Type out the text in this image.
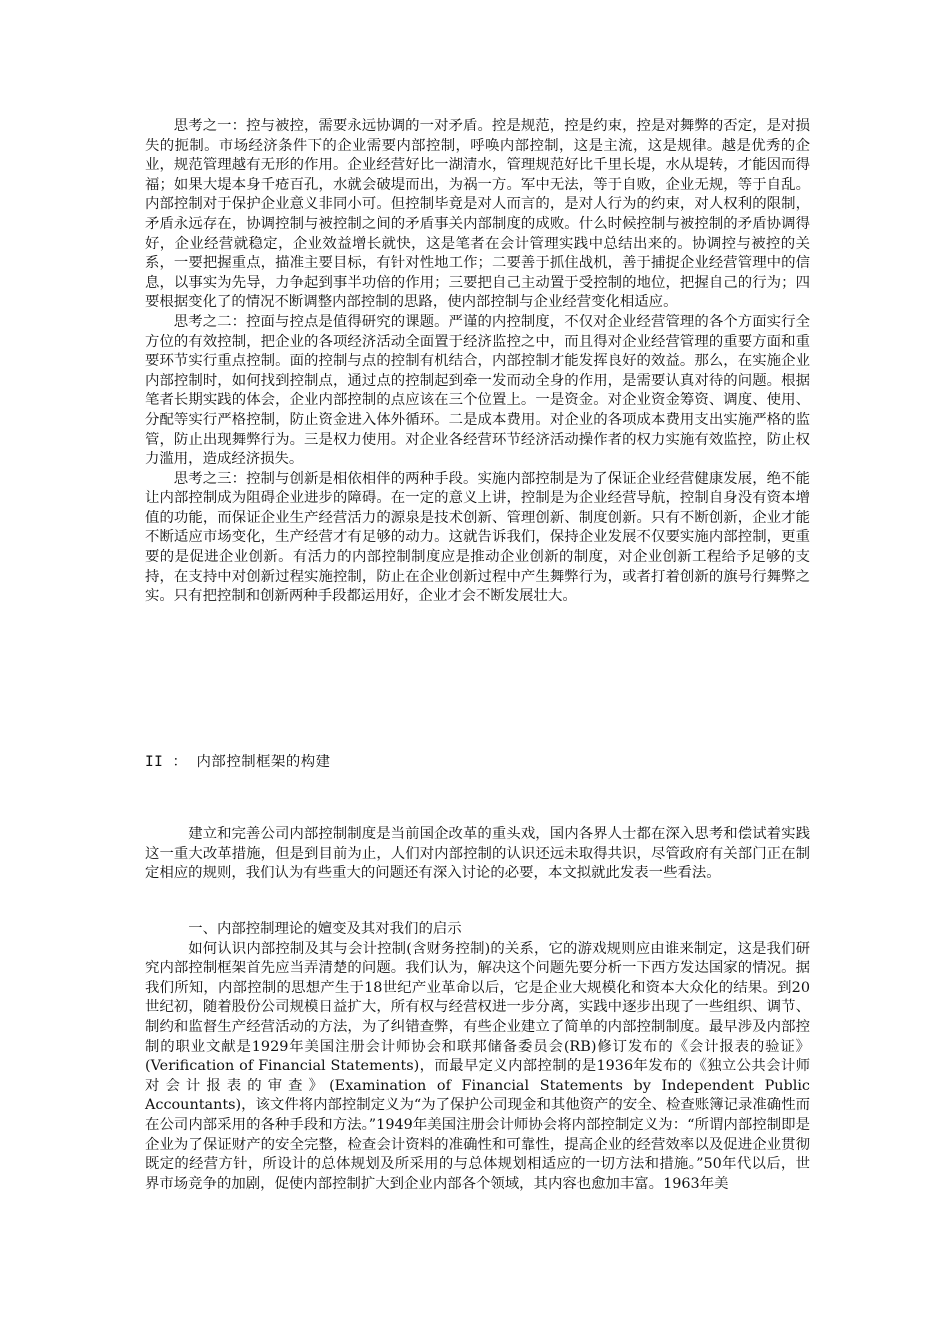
思考之一：控与被控，需要永远协调的一对矛盾。控是规范，控是约束，控是对舞弊的否定，是对损失的扼制。市场经济条件下的企业需要内部控制，呼唤内部控制，这是主流，这是规律。越是优秀的企业，规范管理越有无形的作用。企业经营好比一湖清水，管理规范好比千里长堤，水从堤转，才能因而得福；如果大堤本身千疮百孔，水就会破堤而出，为祸一方。军中无法，等于自败，企业无规，等于自乱。内部控制对于保护企业意义非同小可。但控制毕竟是对人而言的，是对人行为的约束，对人权利的限制，矛盾永远存在，协调控制与被控制之间的矛盾事关内部制度的成败。什么时候控制与被控制的矛盾协调得好，企业经营就稳定，企业效益增长就快，这是笔者在会计管理实践中总结出来的。协调控与被控的关系，一要把握重点，描准主要目标，有针对性地工作；二要善于抓住战机，善于捕捉企业经营管理中的信息，以事实为先导，力争起到事半功倍的作用；三要把自己主动置于受控制的地位，把握自己的行为；四要根据变化了的情况不断调整内部控制的思路，使内部控制与企业经营变化相适应。

思考之二：控面与控点是值得研究的课题。严谨的内控制度，不仅对企业经营管理的各个方面实行全方位的有效控制，把企业的各项经济活动全面置于经济监控之中，而且得对企业经营管理的重要方面和重要环节实行重点控制。面的控制与点的控制有机结合，内部控制才能发挥良好的效益。那么，在实施企业内部控制时，如何找到控制点，通过点的控制起到牵一发而动全身的作用，是需要认真对待的问题。根据笔者长期实践的体会，企业内部控制的点应该在三个位置上。一是资金。对企业资金筹资、调度、使用、分配等实行严格控制，防止资金进入体外循环。二是成本费用。对企业的各项成本费用支出实施严格的监管，防止出现舞弊行为。三是权力使用。对企业各经营环节经济活动操作者的权力实施有效监控，防止权力滥用，造成经济损失。

思考之三：控制与创新是相依相伴的两种手段。实施内部控制是为了保证企业经营健康发展，绝不能让内部控制成为阻碍企业进步的障碍。在一定的意义上讲，控制是为企业经营导航，控制自身没有资本增值的功能，而保证企业生产经营活力的源泉是技术创新、管理创新、制度创新。只有不断创新，企业才能不断适应市场变化，生产经营才有足够的动力。这就告诉我们，保持企业发展不仅要实施内部控制，更重要的是促进企业创新。有活力的内部控制制度应是推动企业创新的制度，对企业创新工程给予足够的支持，在支持中对创新过程实施控制，防止在企业创新过程中产生舞弊行为，或者打着创新的旗号行舞弊之实。只有把控制和创新两种手段都运用好，企业才会不断发展壮大。

II ： 内部控制框架的构建

建立和完善公司内部控制制度是当前国企改革的重头戏，国内各界人士都在深入思考和偿试着实践这一重大改革措施，但是到目前为止，人们对内部控制的认识还远未取得共识，尽管政府有关部门正在制定相应的规则，我们认为有些重大的问题还有深入讨论的必要，本文拟就此发表一些看法。

一、内部控制理论的嬗变及其对我们的启示

如何认识内部控制及其与会计控制(含财务控制)的关系，它的游戏规则应由谁来制定，这是我们研究内部控制框架首先应当弄清楚的问题。我们认为，解决这个问题先要分析一下西方发达国家的情况。据我们所知，内部控制的思想产生于18世纪产业革命以后，它是企业大规模化和资本大众化的结果。到20世纪初，随着股份公司规模日益扩大，所有权与经营权进一步分离，实践中逐步出现了一些组织、调节、制约和监督生产经营活动的方法，为了纠错查弊，有些企业建立了简单的内部控制制度。最早涉及内部控制的职业文献是1929年美国注册会计师协会和联邦储备委员会(RB)修订发布的《会计报表的验证》(Verification of Financial Statements)，而最早定义内部控制的是1936年发布的《独立公共会计师对会计报表的审查》(Examination of Financial Statements by Independent Public Accountants)，该文件将内部控制定义为“为了保护公司现金和其他资产的安全、检查账簿记录准确性而在公司内部采用的各种手段和方法。”1949年美国注册会计师协会将内部控制定义为：“所谓内部控制即是企业为了保证财产的安全完整，检查会计资料的准确性和可靠性，提高企业的经营效率以及促进企业贯彻既定的经营方针，所设计的总体规划及所采用的与总体规划相适应的一切方法和措施。”50年代以后，世界市场竞争的加剧，促使内部控制扩大到企业内部各个领域，其内容也愈加丰富。1963年美
